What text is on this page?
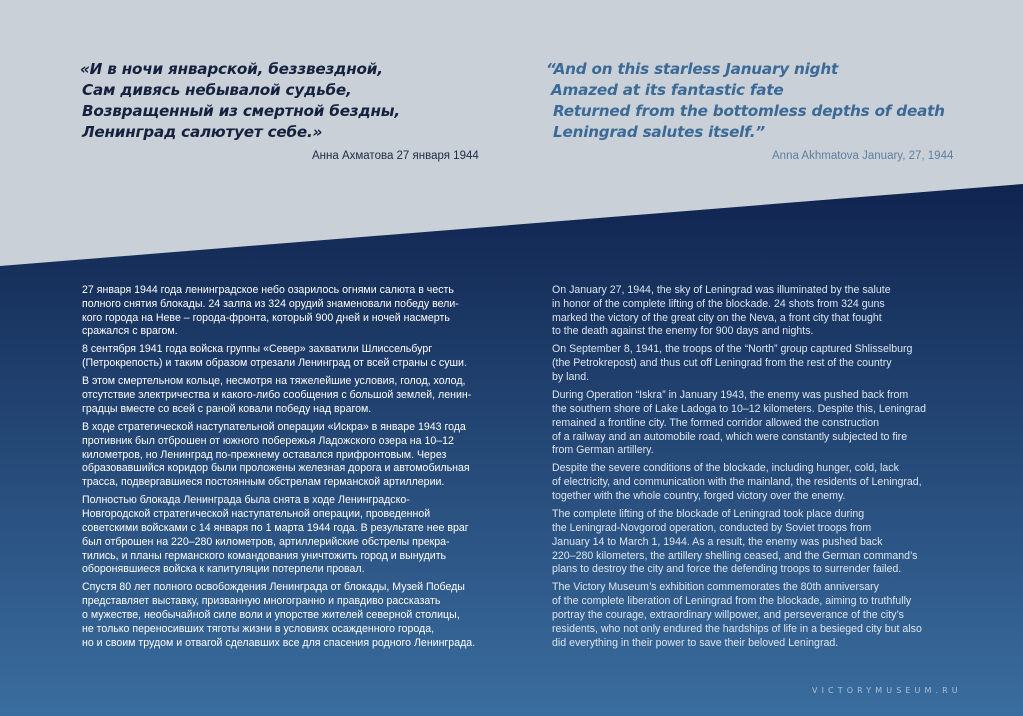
«И в ночи январской, беззвездной,
Сам дивясь небывалой судьбе,
Возвращенный из смертной бездны,
Ленинград салютует себе.»
Анна Ахматова 27 января 1944
“And on this starless January night
Amazed at its fantastic fate
Returned from the bottomless depths of death
Leningrad salutes itself.”
Anna Akhmatova January, 27, 1944

27 января 1944 года ленинградское небо озарилось огнями салюта в честь
полного снятия блокады. 24 залпа из 324 орудий знаменовали победу вели-
кого города на Неве – города-фронта, который 900 дней и ночей насмерть
сражался с врагом.

8 сентября 1941 года войска группы «Север» захватили Шлиссельбург
(Петрокрепость) и таким образом отрезали Ленинград от всей страны с суши.

В этом смертельном кольце, несмотря на тяжелейшие условия, голод, холод,
отсутствие электричества и какого-либо сообщения с большой землей, ленин-
градцы вместе со всей с раной ковали победу над врагом.

В ходе стратегической наступательной операции «Искра» в январе 1943 года
противник был отброшен от южного побережья Ладожского озера на 10–12
километров, но Ленинград по-прежнему оставался прифронтовым. Через
образовавшийся коридор были проложены железная дорога и автомобильная
трасса, подвергавшиеся постоянным обстрелам германской артиллерии.

Полностью блокада Ленинграда была снята в ходе Ленинградско-
Новгородской стратегической наступательной операции, проведенной
советскими войсками с 14 января по 1 марта 1944 года. В результате нее враг
был отброшен на 220–280 километров, артиллерийские обстрелы прекра-
тились, и планы германского командования уничтожить город и вынудить
оборонявшиеся войска к капитуляции потерпели провал.

Спустя 80 лет полного освобождения Ленинграда от блокады, Музей Победы
представляет выставку, призванную многогранно и правдиво рассказать
о мужестве, необычайной силе воли и упорстве жителей северной столицы,
не только переносивших тяготы жизни в условиях осажденного города,
но и своим трудом и отвагой сделавших все для спасения родного Ленинграда.

On January 27, 1944, the sky of Leningrad was illuminated by the salute
in honor of the complete lifting of the blockade. 24 shots from 324 guns
marked the victory of the great city on the Neva, a front city that fought
to the death against the enemy for 900 days and nights.

On September 8, 1941, the troops of the “North” group captured Shlisselburg
(the Petrokrepost) and thus cut off Leningrad from the rest of the country
by land.

During Operation “Iskra” in January 1943, the enemy was pushed back from
the southern shore of Lake Ladoga to 10–12 kilometers. Despite this, Leningrad
remained a frontline city. The formed corridor allowed the construction
of a railway and an automobile road, which were constantly subjected to fire
from German artillery.

Despite the severe conditions of the blockade, including hunger, cold, lack
of electricity, and communication with the mainland, the residents of Leningrad,
together with the whole country, forged victory over the enemy.

The complete lifting of the blockade of Leningrad took place during
the Leningrad-Novgorod operation, conducted by Soviet troops from
January 14 to March 1, 1944. As a result, the enemy was pushed back
220–280 kilometers, the artillery shelling ceased, and the German command’s
plans to destroy the city and force the defending troops to surrender failed.

The Victory Museum’s exhibition commemorates the 80th anniversary
of the complete liberation of Leningrad from the blockade, aiming to truthfully
portray the courage, extraordinary willpower, and perseverance of the city’s
residents, who not only endured the hardships of life in a besieged city but also
did everything in their power to save their beloved Leningrad.

VICTORYMUSEUM.RU
